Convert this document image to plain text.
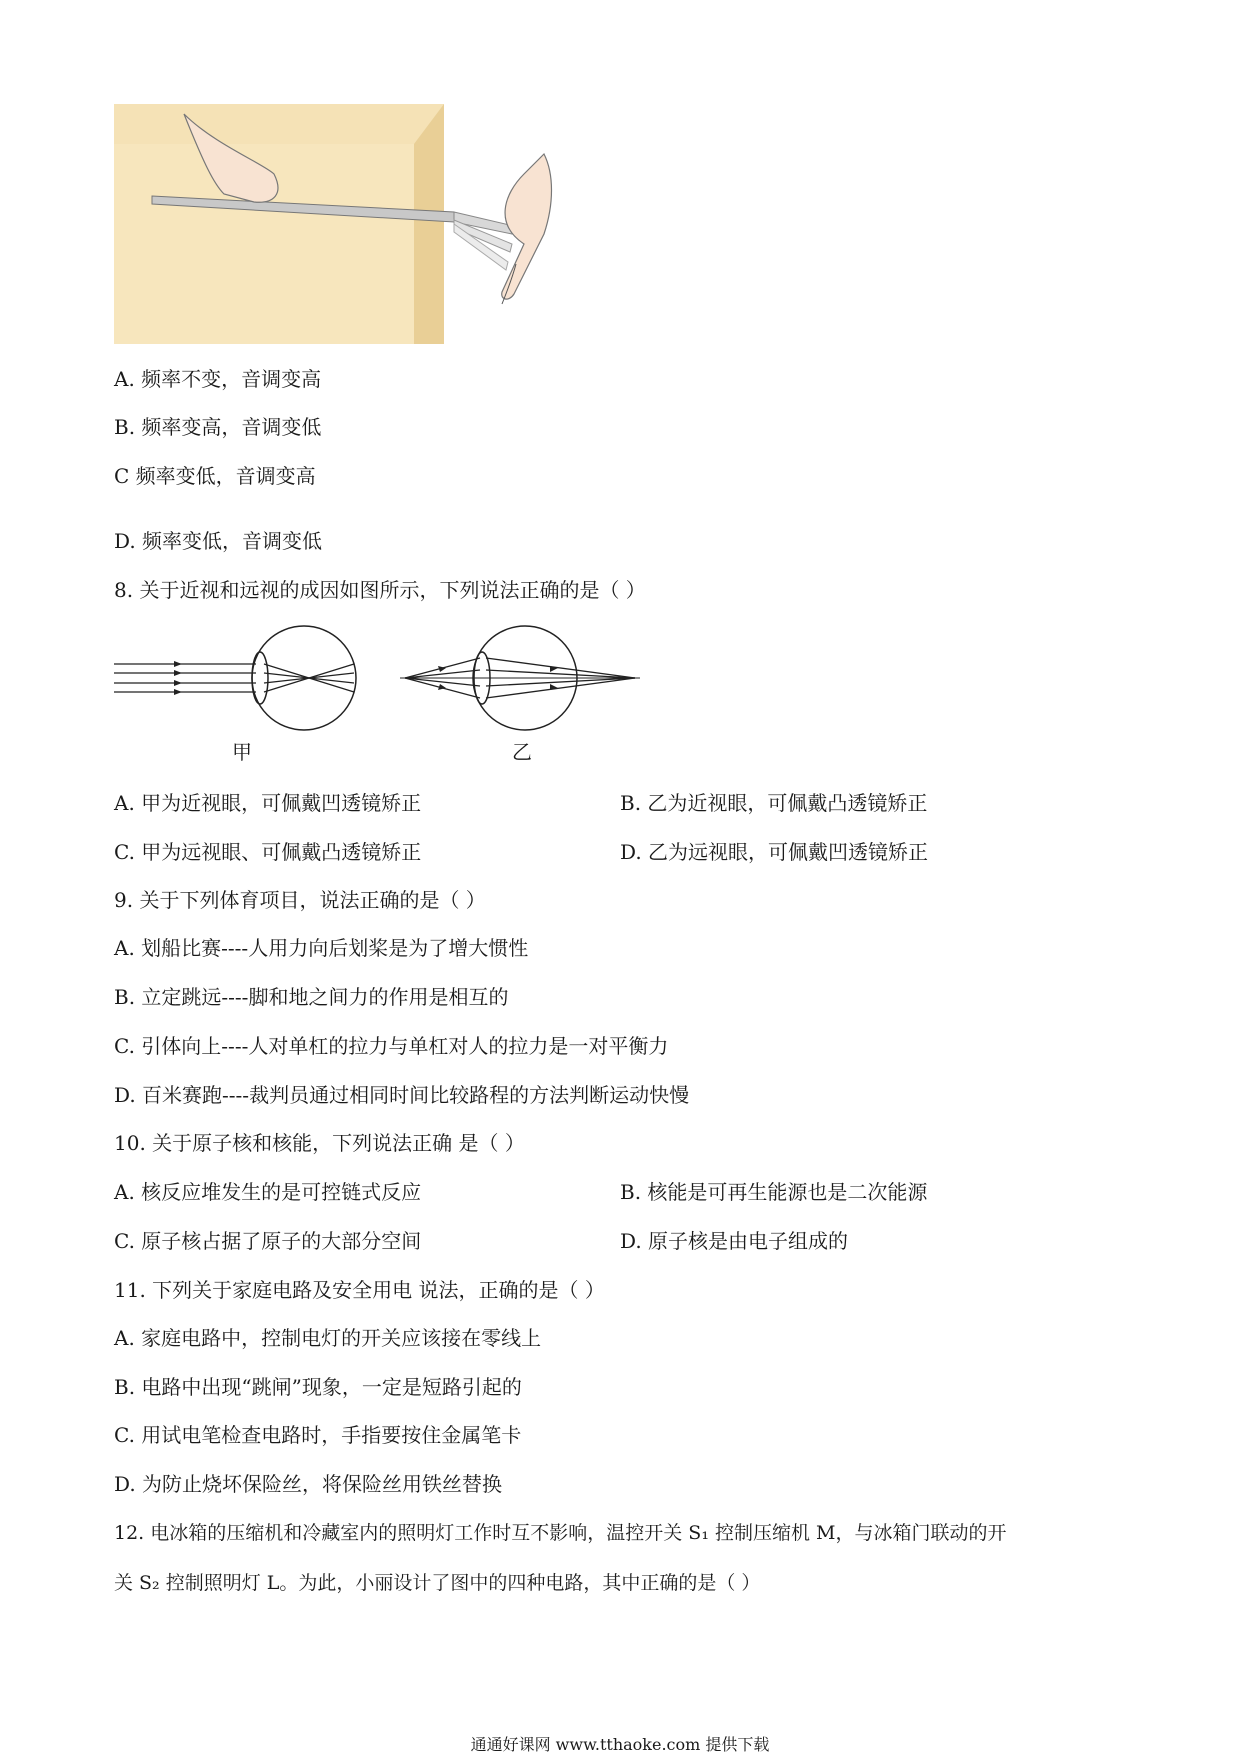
A. 频率不变，音调变高
B. 频率变高，音调变低
C 频率变低，音调变高
D. 频率变低，音调变低
8. 关于近视和远视的成因如图所示，下列说法正确的是（ ）
甲	乙
A. 甲为近视眼，可佩戴凹透镜矫正	B. 乙为近视眼，可佩戴凸透镜矫正
C. 甲为远视眼、可佩戴凸透镜矫正	D. 乙为远视眼，可佩戴凹透镜矫正
9. 关于下列体育项目，说法正确的是（ ）
A. 划船比赛----人用力向后划桨是为了增大惯性
B. 立定跳远----脚和地之间力的作用是相互的
C. 引体向上----人对单杠的拉力与单杠对人的拉力是一对平衡力
D. 百米赛跑----裁判员通过相同时间比较路程的方法判断运动快慢
10. 关于原子核和核能，下列说法正确 是（ ）
A. 核反应堆发生的是可控链式反应	B. 核能是可再生能源也是二次能源
C. 原子核占据了原子的大部分空间	D. 原子核是由电子组成的
11. 下列关于家庭电路及安全用电 说法，正确的是（ ）
A. 家庭电路中，控制电灯的开关应该接在零线上
B. 电路中出现“跳闸”现象，一定是短路引起的
C. 用试电笔检查电路时，手指要按住金属笔卡
D. 为防止烧坏保险丝，将保险丝用铁丝替换
12. 电冰箱的压缩机和冷藏室内的照明灯工作时互不影响，温控开关 S₁ 控制压缩机 M，与冰箱门联动的开
关 S₂ 控制照明灯 L。为此，小丽设计了图中的四种电路，其中正确的是（ ）
通通好课网 www.tthaoke.com 提供下载
